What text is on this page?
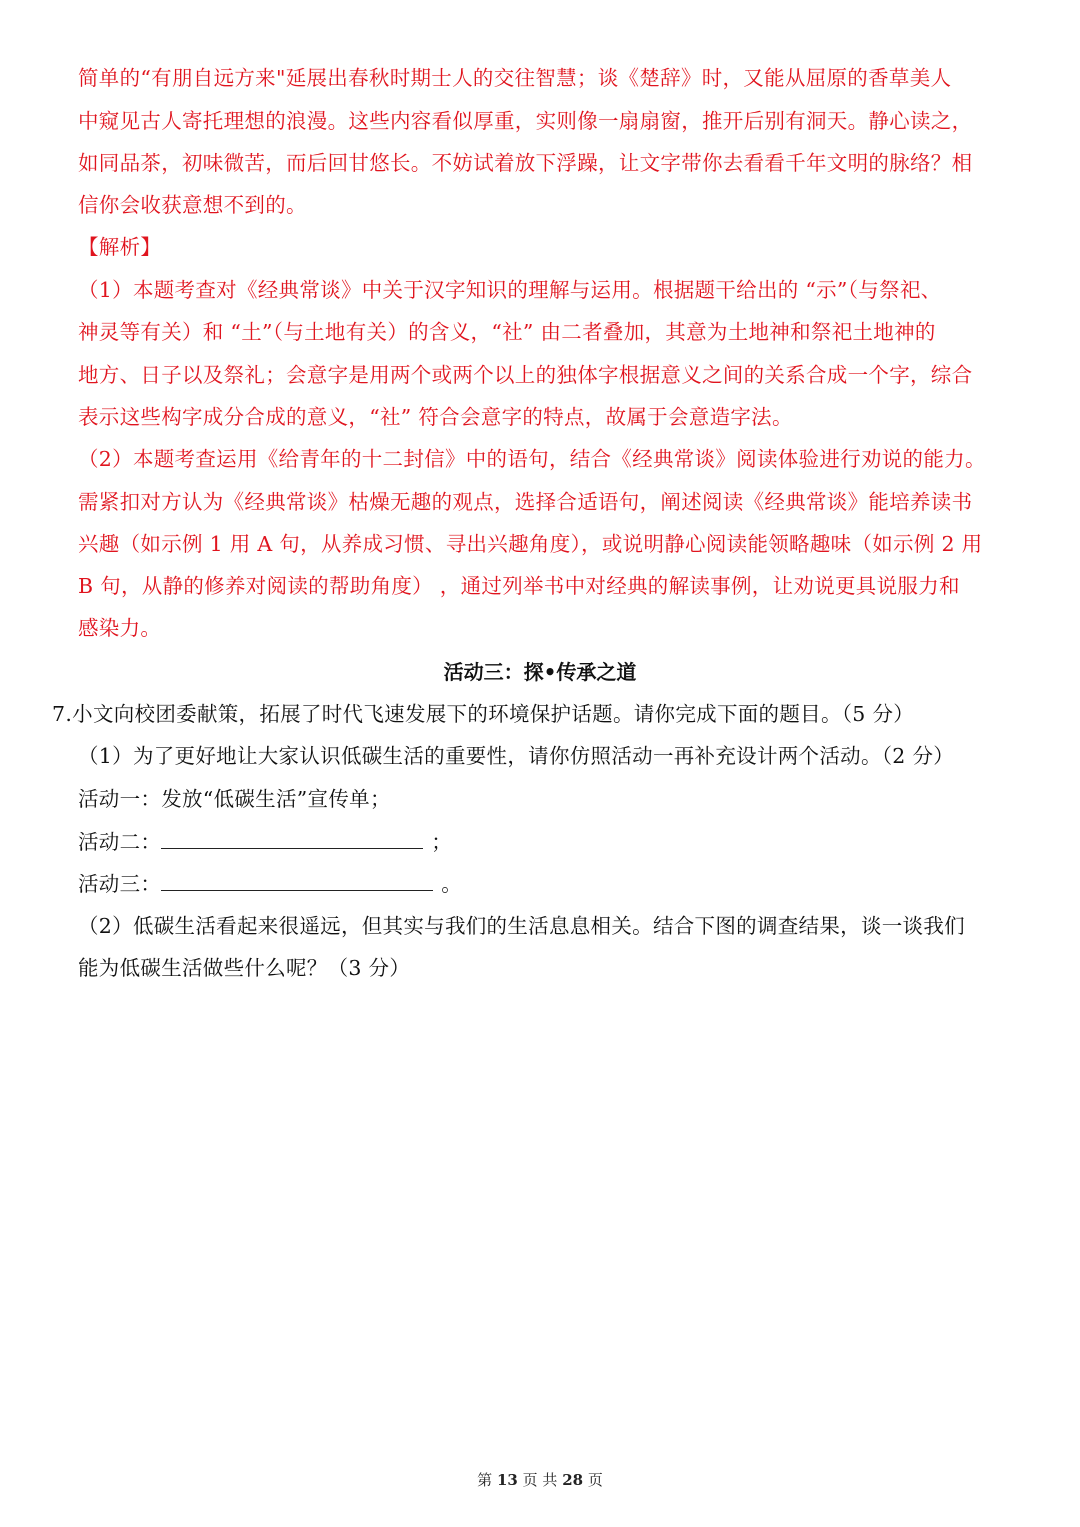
简单的“有朋自远方来"延展出春秋时期士人的交往智慧；谈《楚辞》时，又能从屈原的香草美人
中窥见古人寄托理想的浪漫。这些内容看似厚重，实则像一扇扇窗，推开后别有洞天。静心读之，
如同品茶，初味微苦，而后回甘悠长。不妨试着放下浮躁，让文字带你去看看千年文明的脉络？相
信你会收获意想不到的。
【解析】
（1）本题考查对《经典常谈》中关于汉字知识的理解与运用。根据题干给出的 “示”（与祭祀、
神灵等有关）和 “土”（与土地有关）的含义，“社” 由二者叠加，其意为土地神和祭祀土地神的
地方、日子以及祭礼；会意字是用两个或两个以上的独体字根据意义之间的关系合成一个字，综合
表示这些构字成分合成的意义，“社” 符合会意字的特点，故属于会意造字法。
（2）本题考查运用《给青年的十二封信》中的语句，结合《经典常谈》阅读体验进行劝说的能力。
需紧扣对方认为《经典常谈》枯燥无趣的观点，选择合适语句，阐述阅读《经典常谈》能培养读书
兴趣（如示例 1 用 A 句，从养成习惯、寻出兴趣角度），或说明静心阅读能领略趣味（如示例 2 用
B 句，从静的修养对阅读的帮助角度） ，通过列举书中对经典的解读事例，让劝说更具说服力和
感染力。
活动三：探•传承之道
7.小文向校团委献策，拓展了时代飞速发展下的环境保护话题。请你完成下面的题目。（5 分）
（1）为了更好地让大家认识低碳生活的重要性，请你仿照活动一再补充设计两个活动。（2 分）
活动一：发放“低碳生活”宣传单；
活动二：	；
活动三：	。
（2）低碳生活看起来很遥远，但其实与我们的生活息息相关。结合下图的调查结果，谈一谈我们
能为低碳生活做些什么呢？（3 分）
第 13 页 共 28 页
